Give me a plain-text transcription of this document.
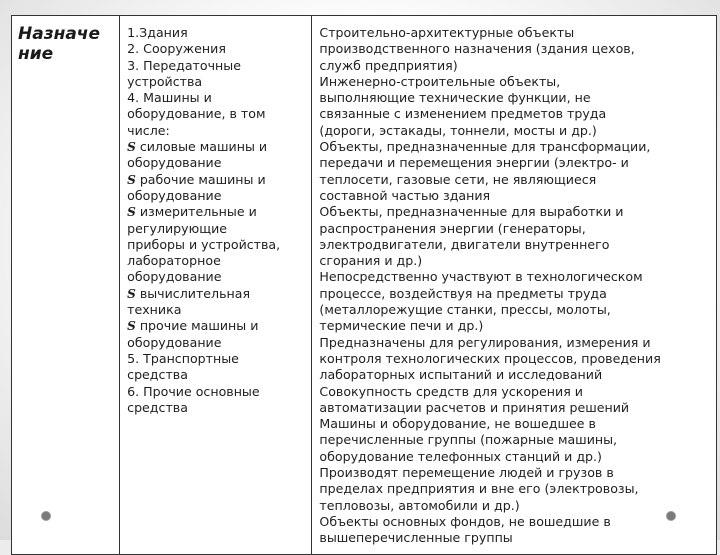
Назначе
ние

1.Здания
2. Сооружения
3. Передаточные
устройства
4. Машины и
оборудование, в том
числе:
S силовые машины и
оборудование
S рабочие машины и
оборудование
S измерительные и
регулирующие
приборы и устройства,
лабораторное
оборудование
S вычислительная
техника
S прочие машины и
оборудование
5. Транспортные
средства
6. Прочие основные
средства

Строительно-архитектурные объекты
производственного назначения (здания цехов,
служб предприятия)
Инженерно-строительные объекты,
выполняющие технические функции, не
связанные с изменением предметов труда
(дороги, эстакады, тоннели, мосты и др.)
Объекты, предназначенные для трансформации,
передачи и перемещения энергии (электро- и
теплосети, газовые сети, не являющиеся
составной частью здания
Объекты, предназначенные для выработки и
распространения энергии (генераторы,
электродвигатели, двигатели внутреннего
сгорания и др.)
Непосредственно участвуют в технологическом
процессе, воздействуя на предметы труда
(металлорежущие станки, прессы, молоты,
термические печи и др.)
Предназначены для регулирования, измерения и
контроля технологических процессов, проведения
лабораторных испытаний и исследований
Совокупность средств для ускорения и
автоматизации расчетов и принятия решений
Машины и оборудование, не вошедшее в
перечисленные группы (пожарные машины,
оборудование телефонных станций и др.)
Производят перемещение людей и грузов в
пределах предприятия и вне его (электровозы,
тепловозы, автомобили и др.)
Объекты основных фондов, не вошедшие в
вышеперечисленные группы
